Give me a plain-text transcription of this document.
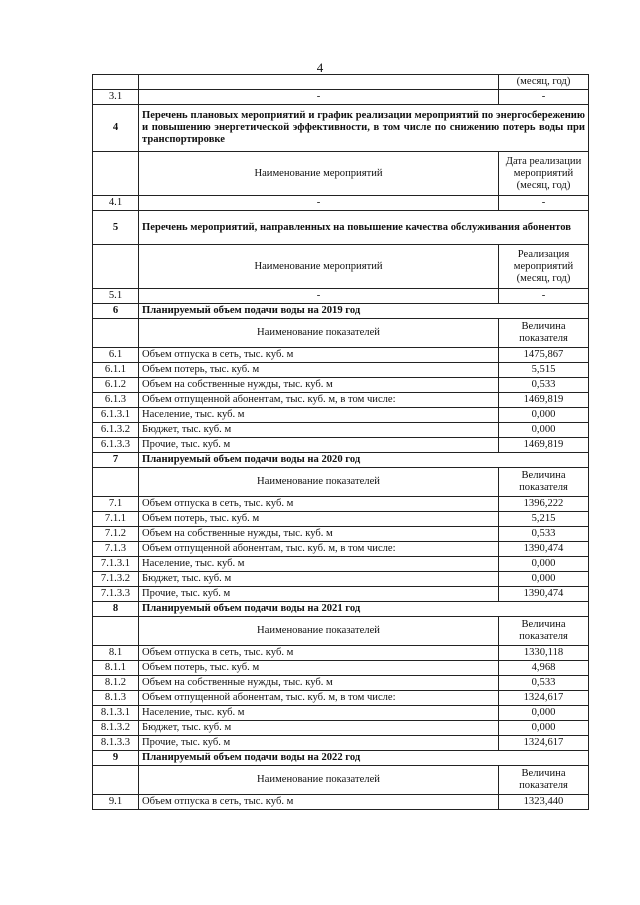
4
		(месяц, год)
3.1	-	-
4	Перечень плановых мероприятий и график реализации мероприятий по энергосбережению и повышению энергетической эффективности, в том числе по снижению потерь воды при транспортировке	
	Наименование мероприятий	Дата реализации мероприятий (месяц, год)
4.1	-	-
5	Перечень мероприятий, направленных на повышение качества обслуживания абонентов	
	Наименование мероприятий	Реализация мероприятий (месяц, год)
5.1	-	-
6	Планируемый объем подачи воды на 2019 год	
	Наименование показателей	Величина показателя
6.1	Объем отпуска в сеть, тыс. куб. м	1475,867
6.1.1	Объем потерь, тыс. куб. м	5,515
6.1.2	Объем на собственные нужды, тыс. куб. м	0,533
6.1.3	Объем отпущенной абонентам, тыс. куб. м, в том числе:	1469,819
6.1.3.1	Население, тыс. куб. м	0,000
6.1.3.2	Бюджет, тыс. куб. м	0,000
6.1.3.3	Прочие, тыс. куб. м	1469,819
7	Планируемый объем подачи воды на 2020 год	
	Наименование показателей	Величина показателя
7.1	Объем отпуска в сеть, тыс. куб. м	1396,222
7.1.1	Объем потерь, тыс. куб. м	5,215
7.1.2	Объем на собственные нужды, тыс. куб. м	0,533
7.1.3	Объем отпущенной абонентам, тыс. куб. м, в том числе:	1390,474
7.1.3.1	Население, тыс. куб. м	0,000
7.1.3.2	Бюджет, тыс. куб. м	0,000
7.1.3.3	Прочие, тыс. куб. м	1390,474
8	Планируемый объем подачи воды на 2021 год	
	Наименование показателей	Величина показателя
8.1	Объем отпуска в сеть, тыс. куб. м	1330,118
8.1.1	Объем потерь, тыс. куб. м	4,968
8.1.2	Объем на собственные нужды, тыс. куб. м	0,533
8.1.3	Объем отпущенной абонентам, тыс. куб. м, в том числе:	1324,617
8.1.3.1	Население, тыс. куб. м	0,000
8.1.3.2	Бюджет, тыс. куб. м	0,000
8.1.3.3	Прочие, тыс. куб. м	1324,617
9	Планируемый объем подачи воды на 2022 год	
	Наименование показателей	Величина показателя
9.1	Объем отпуска в сеть, тыс. куб. м	1323,440
